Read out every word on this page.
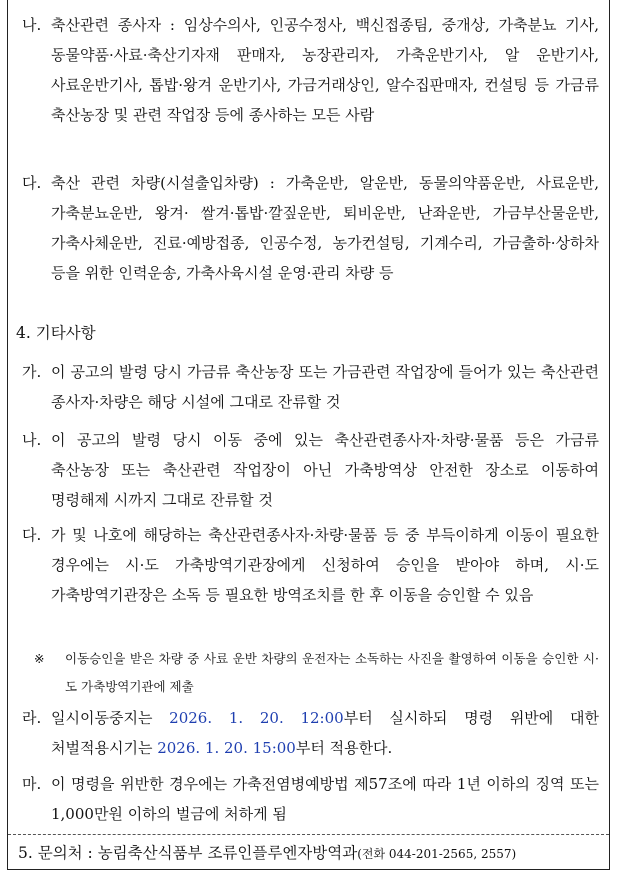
나. 축산관련 종사자 : 임상수의사, 인공수정사, 백신접종팀, 중개상, 가축분뇨 기사, 동물약품·사료·축산기자재 판매자, 농장관리자, 가축운반기사, 알 운반기사, 사료운반기사, 톱밥·왕겨 운반기사, 가금거래상인, 알수집판매자, 컨설팅 등 가금류 축산농장 및 관련 작업장 등에 종사하는 모든 사람
다. 축산 관련 차량(시설출입차량) : 가축운반, 알운반, 동물의약품운반, 사료운반, 가축분뇨운반, 왕겨· 쌀겨·톱밥·깔짚운반, 퇴비운반, 난좌운반, 가금부산물운반, 가축사체운반, 진료·예방접종, 인공수정, 농가컨설팅, 기계수리, 가금출하·상하차 등을 위한 인력운송, 가축사육시설 운영·관리 차량 등
4. 기타사항
가. 이 공고의 발령 당시 가금류 축산농장 또는 가금관련 작업장에 들어가 있는 축산관련 종사자·차량은 해당 시설에 그대로 잔류할 것
나. 이 공고의 발령 당시 이동 중에 있는 축산관련종사자·차량·물품 등은 가금류 축산농장 또는 축산관련 작업장이 아닌 가축방역상 안전한 장소로 이동하여 명령해제 시까지 그대로 잔류할 것
다. 가 및 나호에 해당하는 축산관련종사자·차량·물품 등 중 부득이하게 이동이 필요한 경우에는 시·도 가축방역기관장에게 신청하여 승인을 받아야 하며, 시·도 가축방역기관장은 소독 등 필요한 방역조치를 한 후 이동을 승인할 수 있음
※ 이동승인을 받은 차량 중 사료 운반 차량의 운전자는 소독하는 사진을 촬영하여 이동을 승인한 시·도 가축방역기관에 제출
라. 일시이동중지는 2026. 1. 20. 12:00부터 실시하되 명령 위반에 대한 처벌적용시기는 2026. 1. 20. 15:00부터 적용한다.
마. 이 명령을 위반한 경우에는 가축전염병예방법 제57조에 따라 1년 이하의 징역 또는 1,000만원 이하의 벌금에 처하게 됨
5. 문의처 : 농림축산식품부 조류인플루엔자방역과(전화 044-201-2565, 2557)
